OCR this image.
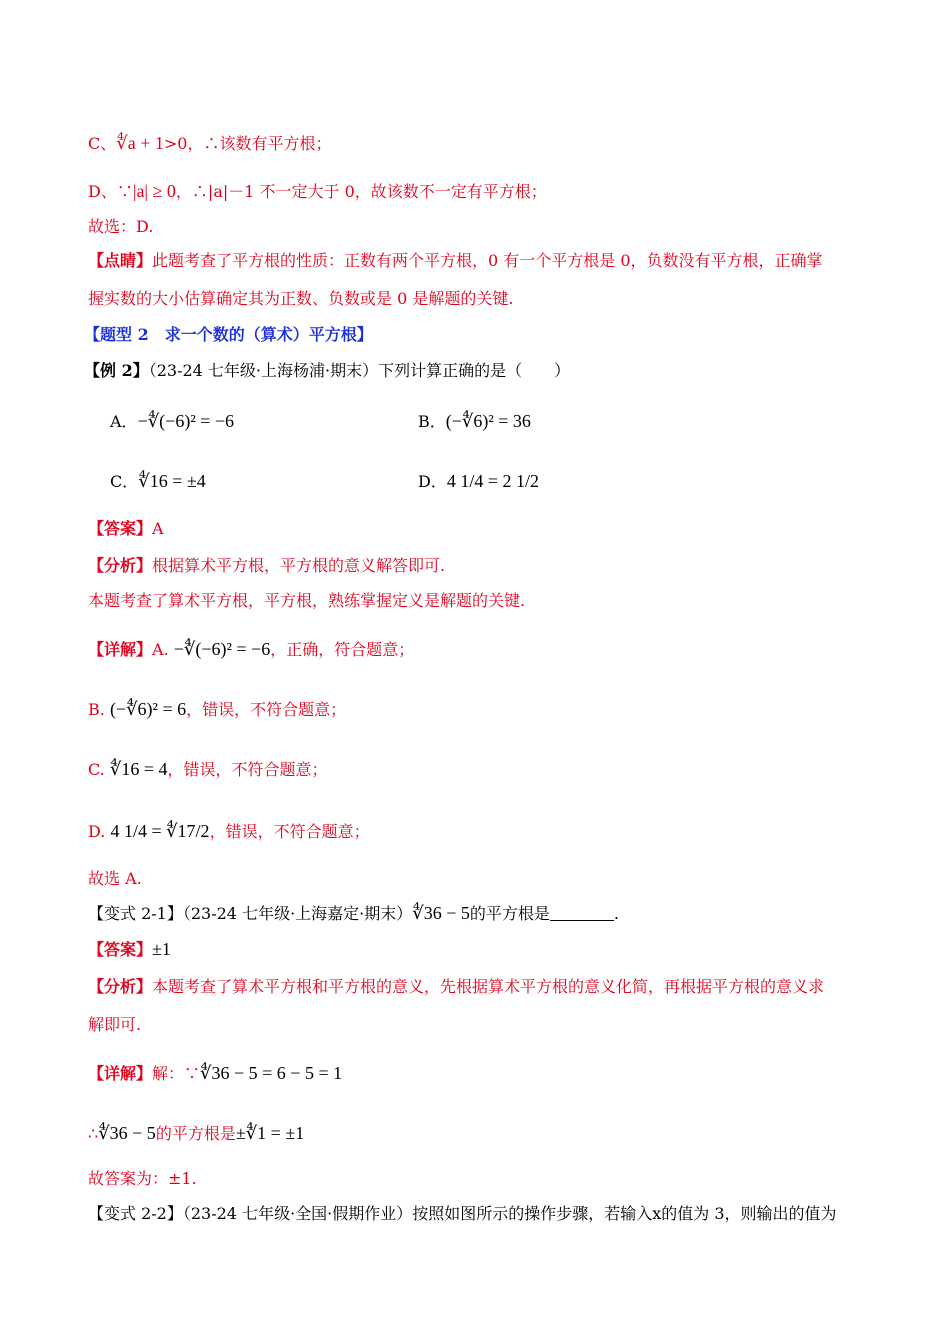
C、∜a + 1>0，∴该数有平方根；
D、∵|a| ≥ 0，∴|a|－1 不一定大于 0，故该数不一定有平方根；
故选：D.
【点睛】此题考查了平方根的性质：正数有两个平方根，0 有一个平方根是 0，负数没有平方根，正确掌
握实数的大小估算确定其为正数、负数或是 0 是解题的关键.
【题型 2　求一个数的（算术）平方根】
【例 2】（23-24 七年级·上海杨浦·期末）下列计算正确的是（　　）
A．−∜(−6)² = −6	B．(−∜6)² = 36
C．∜16 = ±4	D．4 1/4 = 2 1/2
【答案】A
【分析】根据算术平方根，平方根的意义解答即可.
本题考查了算术平方根，平方根，熟练掌握定义是解题的关键.
【详解】A. −∜(−6)² = −6，正确，符合题意；
B. (−∜6)² = 6，错误，不符合题意；
C. ∜16 = 4，错误，不符合题意；
D. 4 1/4 = ∜17/2，错误，不符合题意；
故选 A.
【变式 2-1】（23-24 七年级·上海嘉定·期末）∜36 − 5的平方根是	.
【答案】±1
【分析】本题考查了算术平方根和平方根的意义，先根据算术平方根的意义化简，再根据平方根的意义求
解即可.
【详解】解：∵∜36 − 5 = 6 − 5 = 1
∴∜36 − 5的平方根是±∜1 = ±1
故答案为：±1.
【变式 2-2】（23-24 七年级·全国·假期作业）按照如图所示的操作步骤，若输入x的值为 3，则输出的值为
